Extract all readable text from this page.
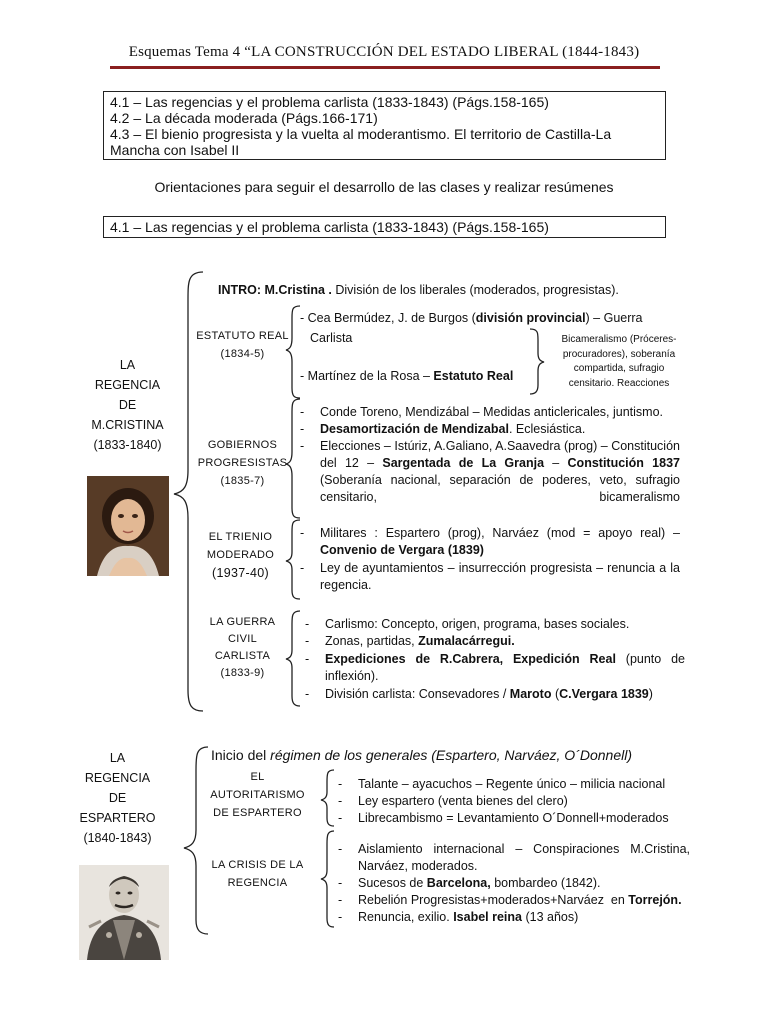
Esquemas Tema 4 “LA CONSTRUCCIÓN DEL ESTADO LIBERAL (1844-1843)
4.1 – Las regencias y el problema carlista (1833-1843) (Págs.158-165)
4.2 – La década moderada (Págs.166-171)
4.3 – El bienio progresista y la vuelta al moderantismo. El territorio de Castilla-La
Mancha con Isabel II
Orientaciones para seguir el desarrollo de las clases y realizar resúmenes
4.1 – Las regencias y el problema carlista (1833-1843) (Págs.158-165)
LA
REGENCIA
DE
M.CRISTINA
(1833-1840)
INTRO: M.Cristina . División de los liberales (moderados, progresistas).
ESTATUTO REAL
(1834-5)
- Cea Bermúdez, J. de Burgos (división provincial) – Guerra
Carlista
- Martínez de la Rosa – Estatuto Real
Bicameralismo (Próceres-
procuradores), soberanía
compartida, sufragio
censitario. Reacciones
GOBIERNOS
PROGRESISTAS
(1835-7)
- Conde Toreno, Mendizábal – Medidas anticlericales, juntismo.
- Desamortización de Mendizabal. Eclesiástica.
- Elecciones – Istúriz, A.Galiano, A.Saavedra (prog) – Constitución del 12 – Sargentada de La Granja – Constitución 1837 (Soberanía nacional, separación de poderes, veto, sufragio censitario, bicameralismo
EL TRIENIO
MODERADO
(1937-40)
- Militares : Espartero (prog), Narváez (mod = apoyo real) – Convenio de Vergara (1839)
- Ley de ayuntamientos – insurrección progresista – renuncia a la regencia.
LA GUERRA
CIVIL
CARLISTA
(1833-9)
- Carlismo: Concepto, origen, programa, bases sociales.
- Zonas, partidas, Zumalacárregui.
- Expediciones de R.Cabrera, Expedición Real (punto de inflexión).
- División carlista: Consevadores / Maroto (C.Vergara 1839)
LA
REGENCIA
DE
ESPARTERO
(1840-1843)
Inicio del régimen de los generales (Espartero, Narváez, O´Donnell)
EL
AUTORITARISMO
DE ESPARTERO
- Talante – ayacuchos – Regente único – milicia nacional
- Ley espartero (venta bienes del clero)
- Librecambismo = Levantamiento O´Donnell+moderados
LA CRISIS DE LA
REGENCIA
- Aislamiento internacional – Conspiraciones M.Cristina, Narváez, moderados.
- Sucesos de Barcelona, bombardeo (1842).
- Rebelión Progresistas+moderados+Narváez  en Torrejón.
- Renuncia, exilio. Isabel reina (13 años)
